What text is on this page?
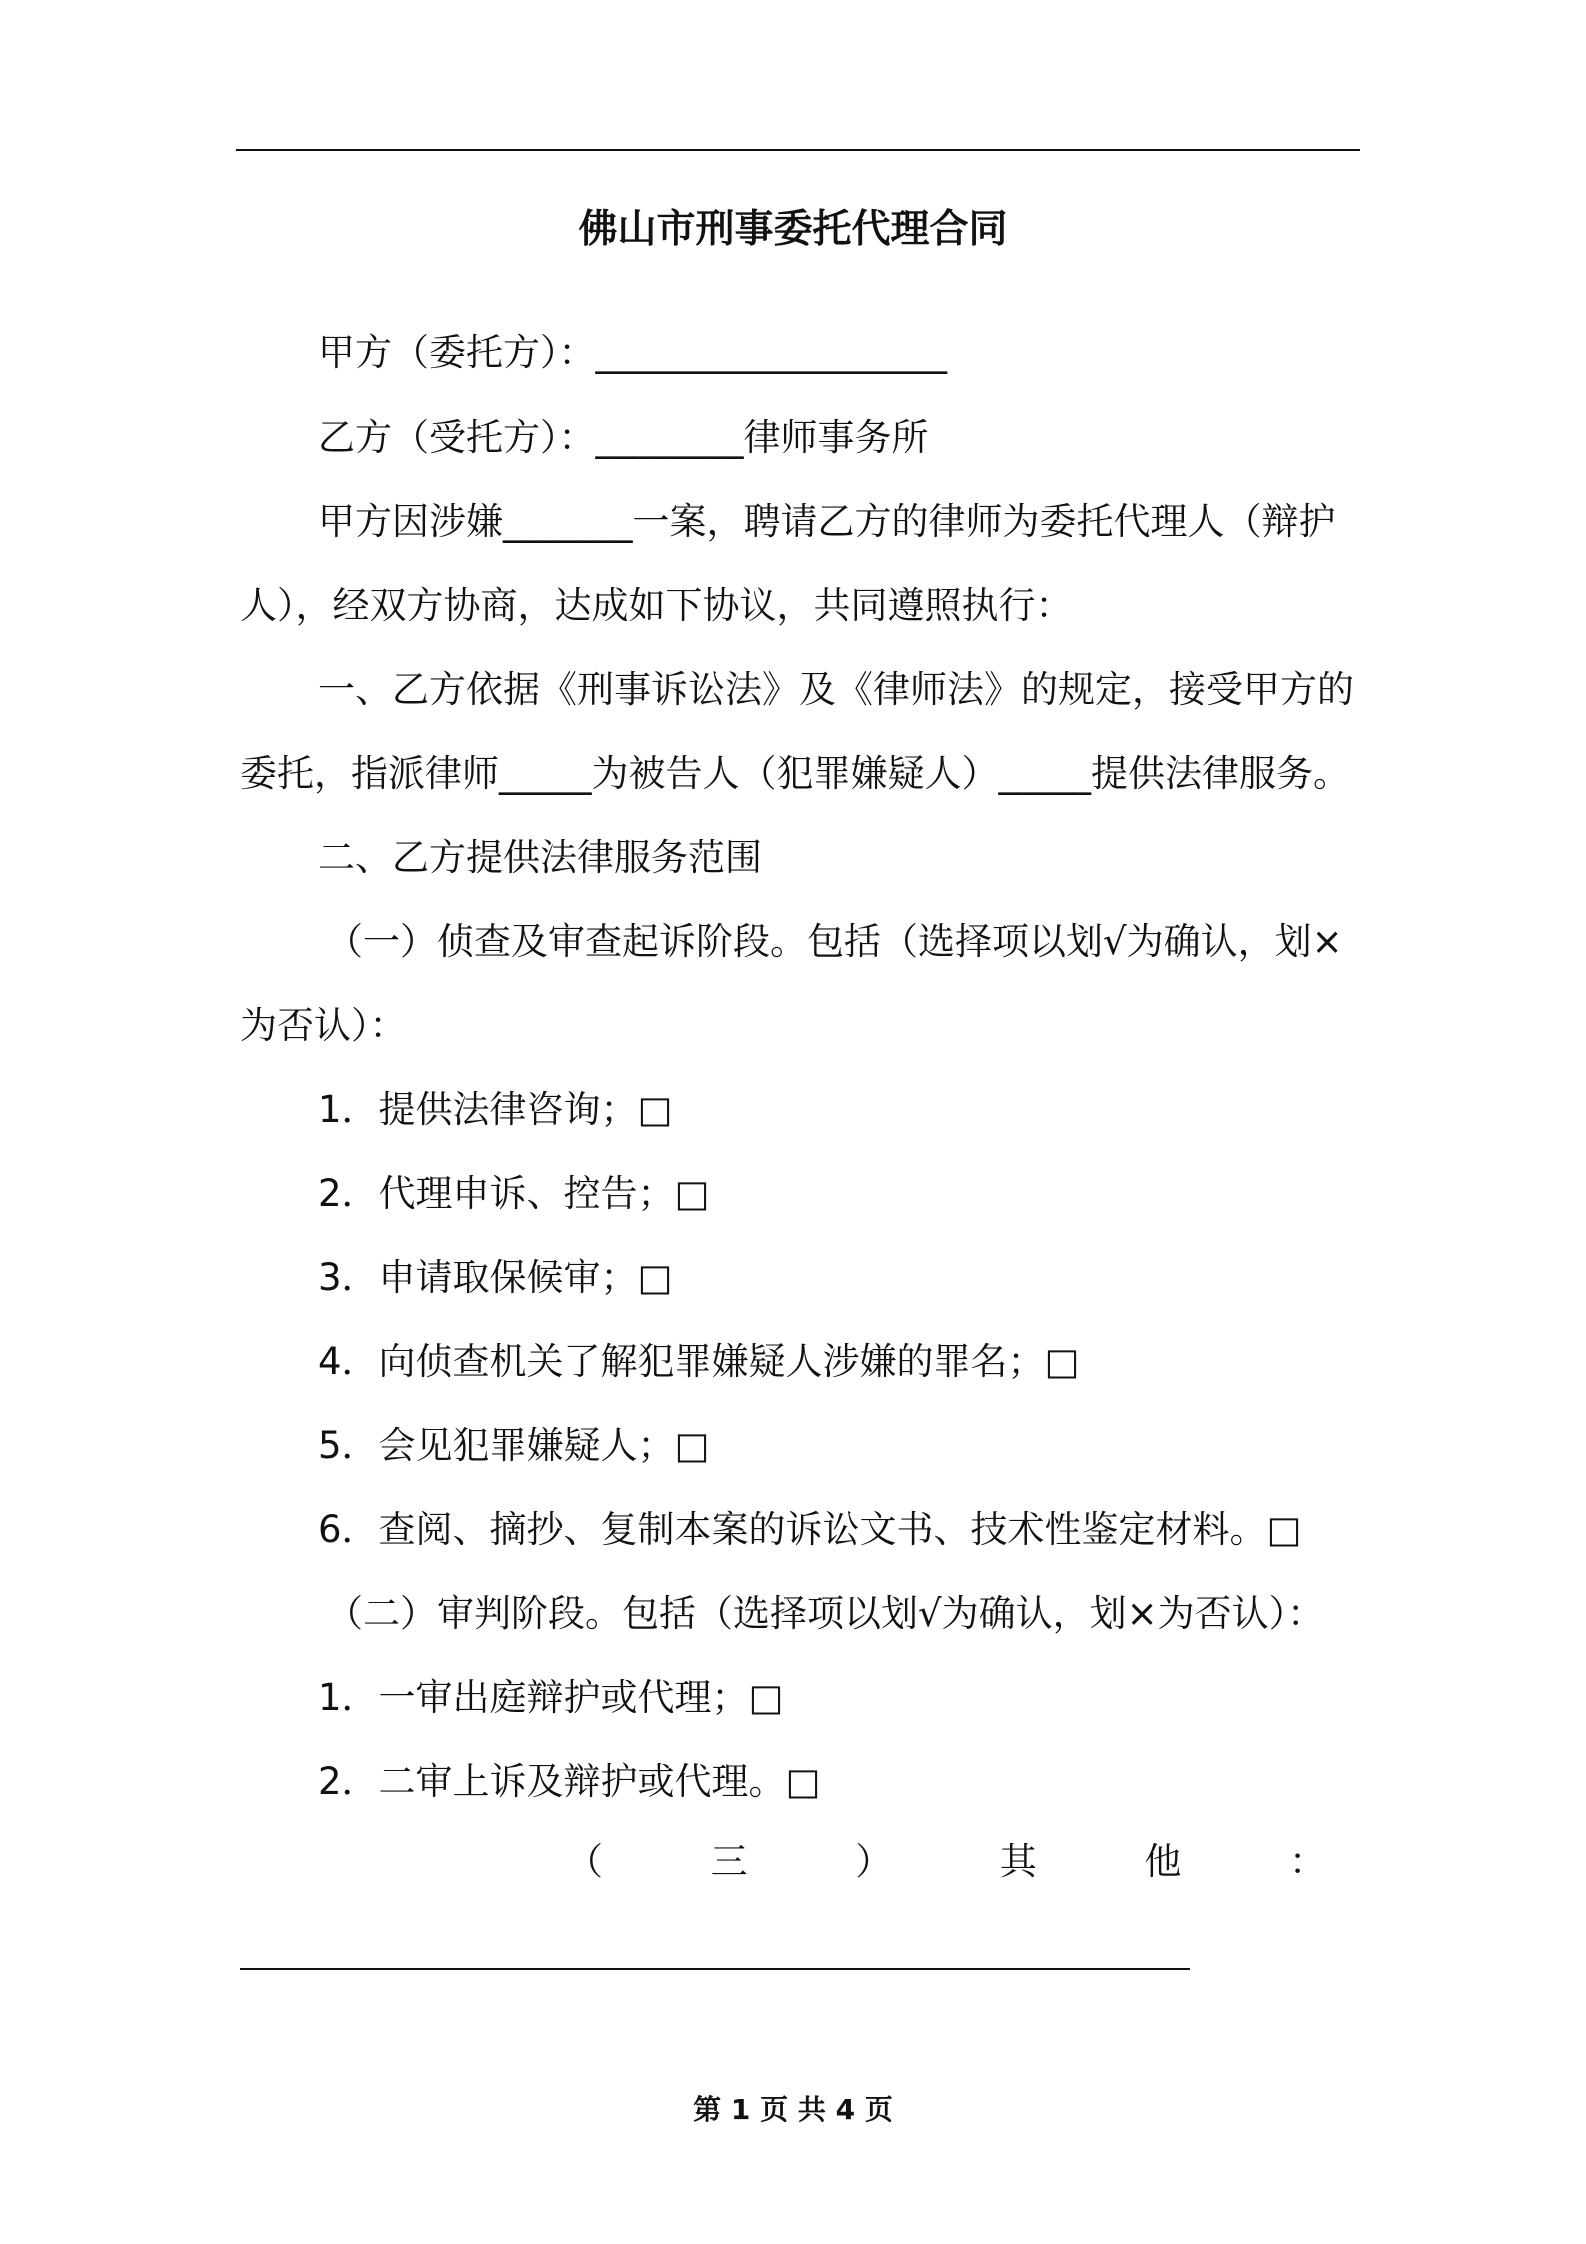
佛山市刑事委托代理合同
甲方（委托方）：___________________
乙方（受托方）：________律师事务所
甲方因涉嫌_______一案，聘请乙方的律师为委托代理人（辩护
人），经双方协商，达成如下协议，共同遵照执行：
一、乙方依据《刑事诉讼法》及《律师法》的规定，接受甲方的
委托，指派律师_____为被告人（犯罪嫌疑人）_____提供法律服务。
二、乙方提供法律服务范围
（一）侦查及审查起诉阶段。包括（选择项以划√为确认，划×
为否认）：
1．提供法律咨询；□
2．代理申诉、控告；□
3．申请取保候审；□
4．向侦查机关了解犯罪嫌疑人涉嫌的罪名；□
5．会见犯罪嫌疑人；□
6．查阅、摘抄、复制本案的诉讼文书、技术性鉴定材料。□
（二）审判阶段。包括（选择项以划√为确认，划×为否认）：
1．一审出庭辩护或代理；□
2．二审上诉及辩护或代理。□
（	三	）	其	他	：
第 1 页 共 4 页
